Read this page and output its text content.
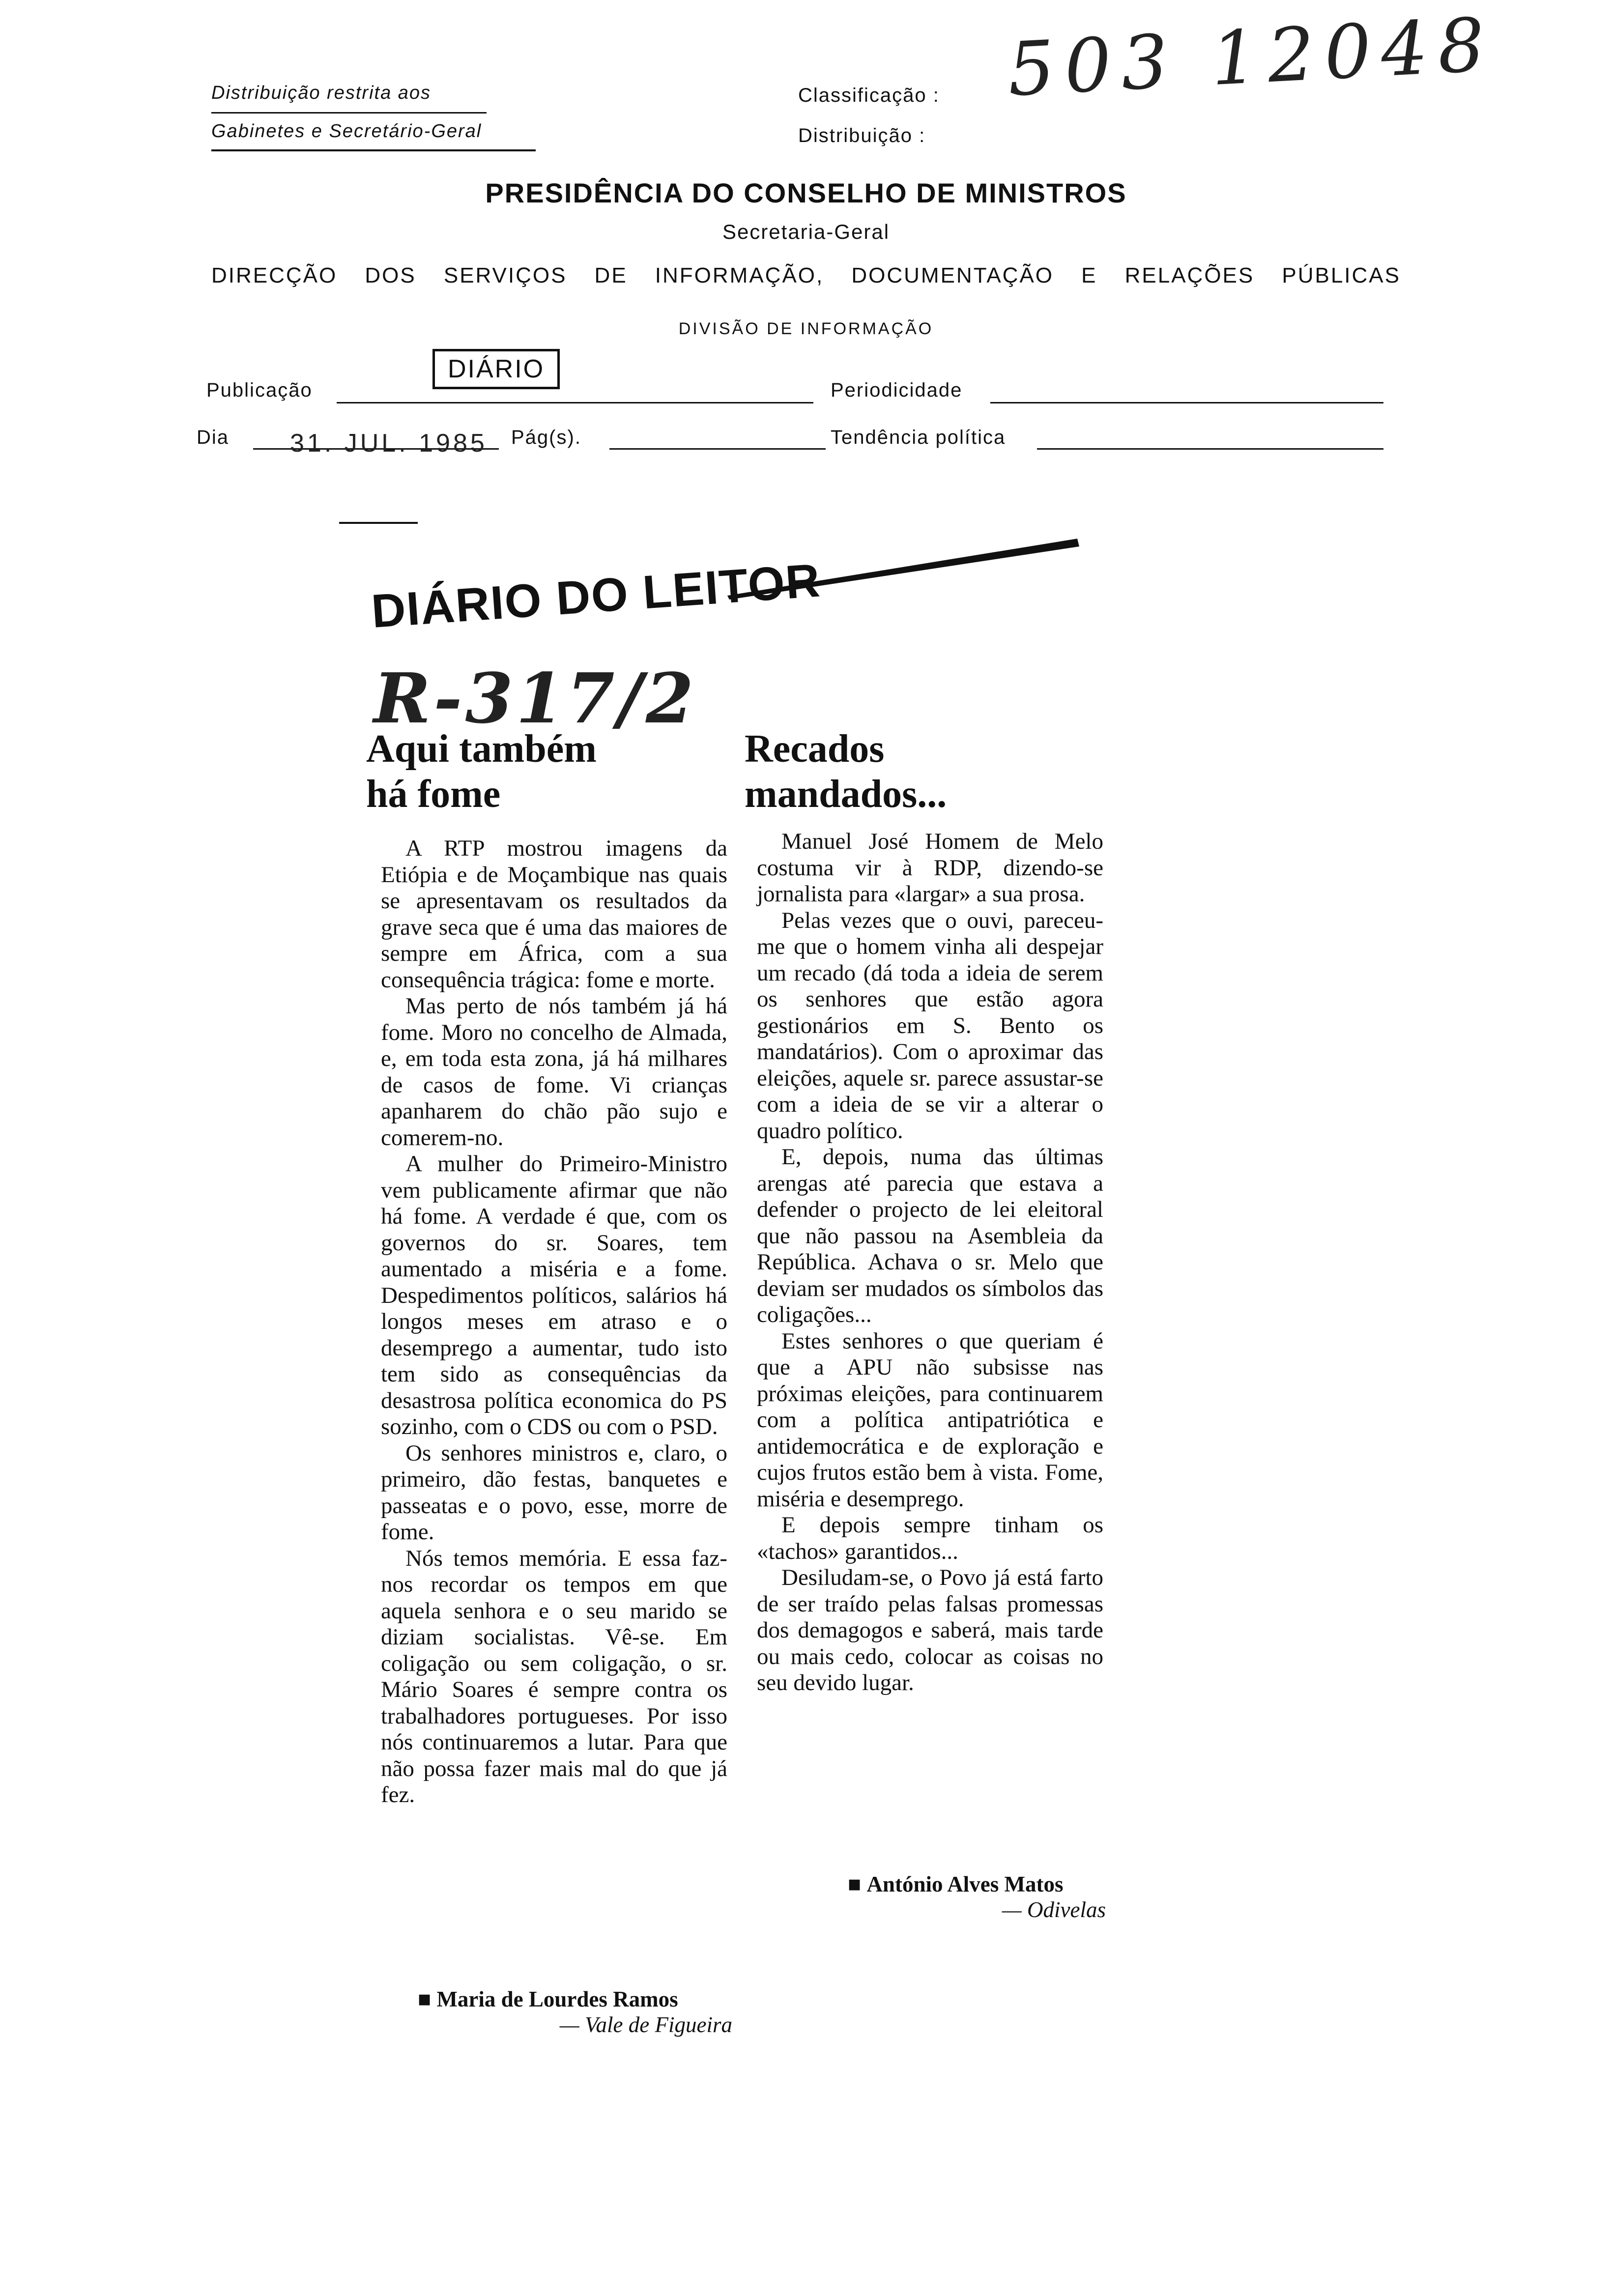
Distribuição restrita aos
Gabinetes e Secretário-Geral
Classificação :
Distribuição :
503 12048
PRESIDÊNCIA DO CONSELHO DE MINISTROS
Secretaria-Geral
DIRECÇÃO DOS SERVIÇOS DE INFORMAÇÃO, DOCUMENTAÇÃO E RELAÇÕES PÚBLICAS
DIVISÃO DE INFORMAÇÃO
Publicação
DIÁRIO
Periodicidade
Dia 31. JUL. 1985 Pág(s).	Tendência política
DIÁRIO DO LEITOR
R-317/2
Aqui também
há fome

A RTP mostrou imagens da Etiópia e de Moçambique nas quais se apresentavam os resultados da grave seca que é uma das maiores de sempre em África, com a sua consequência trágica: fome e morte.

Mas perto de nós também já há fome. Moro no concelho de Almada, e, em toda esta zona, já há milhares de casos de fome. Vi crianças apanharem do chão pão sujo e comerem-no.

A mulher do Primeiro-Ministro vem publicamente afirmar que não há fome. A verdade é que, com os governos do sr. Soares, tem aumentado a miséria e a fome. Despedimentos políticos, salários há longos meses em atraso e o desemprego a aumentar, tudo isto tem sido as consequências da desastrosa política economica do PS sozinho, com o CDS ou com o PSD.

Os senhores ministros e, claro, o primeiro, dão festas, banquetes e passeatas e o povo, esse, morre de fome.

Nós temos memória. E essa faz-nos recordar os tempos em que aquela senhora e o seu marido se diziam socialistas. Vê-se. Em coligação ou sem coligação, o sr. Mário Soares é sempre contra os trabalhadores portugueses. Por isso nós continuaremos a lutar. Para que não possa fazer mais mal do que já fez.

■ Maria de Lourdes Ramos
— Vale de Figueira
Recados
mandados...

Manuel José Homem de Melo costuma vir à RDP, dizendo-se jornalista para «largar» a sua prosa.

Pelas vezes que o ouvi, pareceu-me que o homem vinha ali despejar um recado (dá toda a ideia de serem os senhores que estão agora gestionários em S. Bento os mandatários). Com o aproximar das eleições, aquele sr. parece assustar-se com a ideia de se vir a alterar o quadro político.

E, depois, numa das últimas arengas até parecia que estava a defender o projecto de lei eleitoral que não passou na Asembleia da República. Achava o sr. Melo que deviam ser mudados os símbolos das coligações...

Estes senhores o que queriam é que a APU não subsisse nas próximas eleições, para continuarem com a política antipatriótica e antidemocrática e de exploração e cujos frutos estão bem à vista. Fome, miséria e desemprego.

E depois sempre tinham os «tachos» garantidos...

Desiludam-se, o Povo já está farto de ser traído pelas falsas promessas dos demagogos e saberá, mais tarde ou mais cedo, colocar as coisas no seu devido lugar.

■ António Alves Matos
— Odivelas
